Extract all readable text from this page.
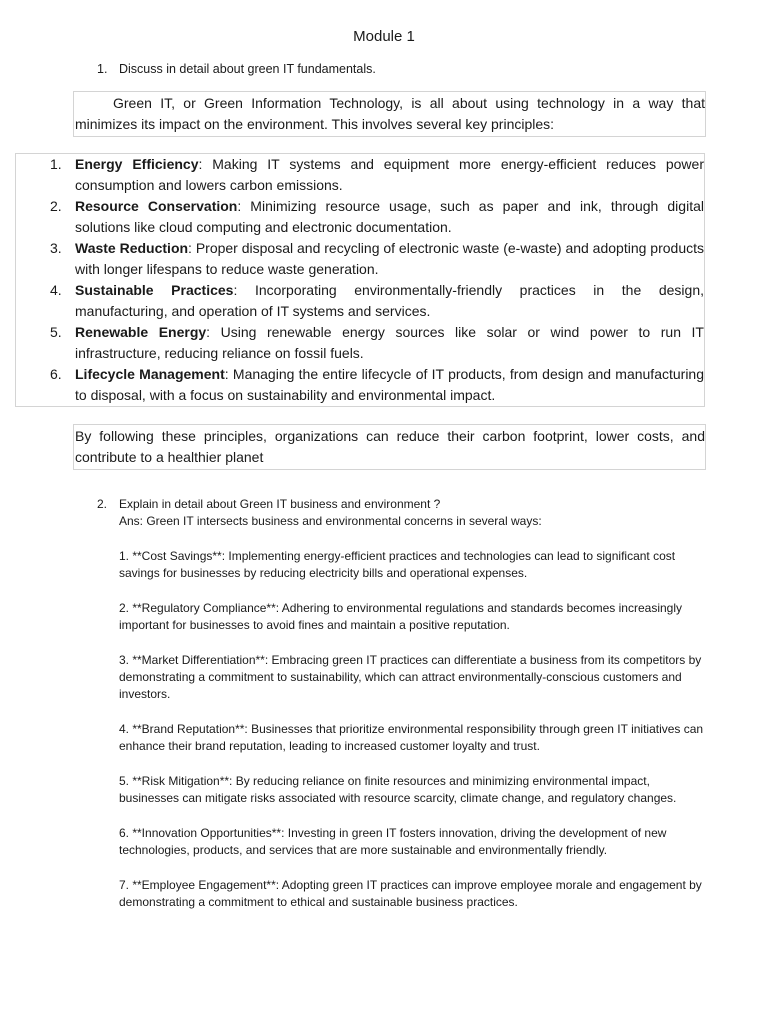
Module 1
1. Discuss in detail about green IT fundamentals.

Green IT, or Green Information Technology, is all about using technology in a way that minimizes its impact on the environment. This involves several key principles:

1. Energy Efficiency: Making IT systems and equipment more energy-efficient reduces power consumption and lowers carbon emissions.
2. Resource Conservation: Minimizing resource usage, such as paper and ink, through digital solutions like cloud computing and electronic documentation.
3. Waste Reduction: Proper disposal and recycling of electronic waste (e-waste) and adopting products with longer lifespans to reduce waste generation.
4. Sustainable Practices: Incorporating environmentally-friendly practices in the design, manufacturing, and operation of IT systems and services.
5. Renewable Energy: Using renewable energy sources like solar or wind power to run IT infrastructure, reducing reliance on fossil fuels.
6. Lifecycle Management: Managing the entire lifecycle of IT products, from design and manufacturing to disposal, with a focus on sustainability and environmental impact.

By following these principles, organizations can reduce their carbon footprint, lower costs, and contribute to a healthier planet

2. Explain in detail about Green IT business and environment ?
Ans: Green IT intersects business and environmental concerns in several ways:
1. **Cost Savings**: Implementing energy-efficient practices and technologies can lead to significant cost savings for businesses by reducing electricity bills and operational expenses.
2. **Regulatory Compliance**: Adhering to environmental regulations and standards becomes increasingly important for businesses to avoid fines and maintain a positive reputation.
3. **Market Differentiation**: Embracing green IT practices can differentiate a business from its competitors by demonstrating a commitment to sustainability, which can attract environmentally-conscious customers and investors.
4. **Brand Reputation**: Businesses that prioritize environmental responsibility through green IT initiatives can enhance their brand reputation, leading to increased customer loyalty and trust.
5. **Risk Mitigation**: By reducing reliance on finite resources and minimizing environmental impact, businesses can mitigate risks associated with resource scarcity, climate change, and regulatory changes.
6. **Innovation Opportunities**: Investing in green IT fosters innovation, driving the development of new technologies, products, and services that are more sustainable and environmentally friendly.
7. **Employee Engagement**: Adopting green IT practices can improve employee morale and engagement by demonstrating a commitment to ethical and sustainable business practices.
